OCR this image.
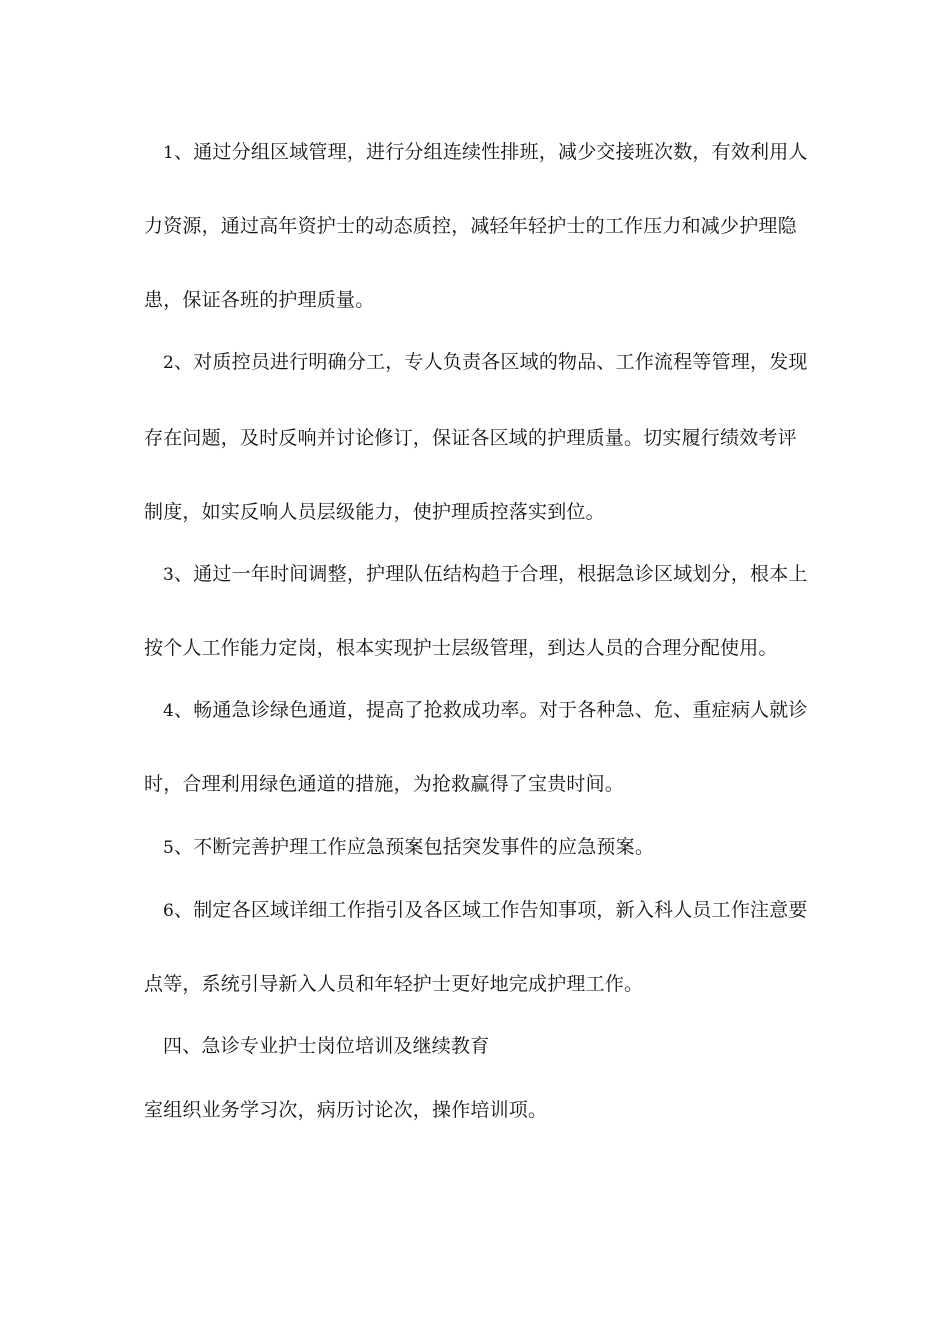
1、通过分组区域管理，进行分组连续性排班，减少交接班次数，有效利用人
力资源，通过高年资护士的动态质控，减轻年轻护士的工作压力和减少护理隐
患，保证各班的护理质量。
2、对质控员进行明确分工，专人负责各区域的物品、工作流程等管理，发现
存在问题，及时反响并讨论修订，保证各区域的护理质量。切实履行绩效考评
制度，如实反响人员层级能力，使护理质控落实到位。
3、通过一年时间调整，护理队伍结构趋于合理，根据急诊区域划分，根本上
按个人工作能力定岗，根本实现护士层级管理，到达人员的合理分配使用。
4、畅通急诊绿色通道，提高了抢救成功率。对于各种急、危、重症病人就诊
时，合理利用绿色通道的措施，为抢救赢得了宝贵时间。
5、不断完善护理工作应急预案包括突发事件的应急预案。
6、制定各区域详细工作指引及各区域工作告知事项，新入科人员工作注意要
点等，系统引导新入人员和年轻护士更好地完成护理工作。
四、急诊专业护士岗位培训及继续教育
室组织业务学习次，病历讨论次，操作培训项。
